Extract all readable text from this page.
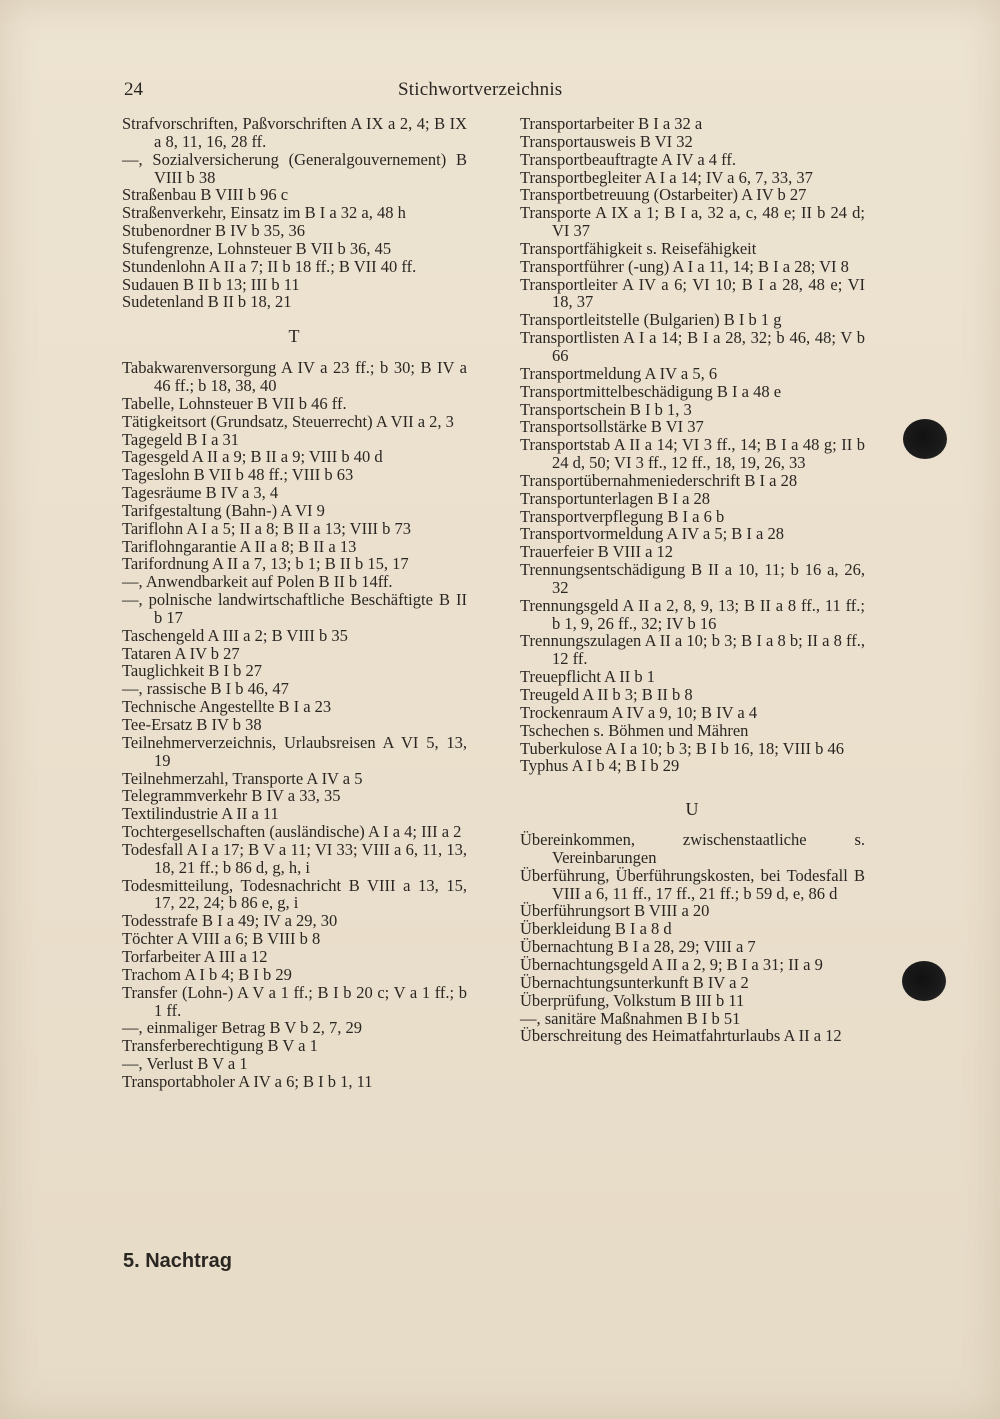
24	Stichwortverzeichnis
Strafvorschriften, Paßvorschriften A IX a 2, 4; B IX a 8, 11, 16, 28 ff.
—, Sozialversicherung (Generalgouvernement) B VIII b 38
Straßenbau B VIII b 96 c
Straßenverkehr, Einsatz im B I a 32 a, 48 h
Stubenordner B IV b 35, 36
Stufengrenze, Lohnsteuer B VII b 36, 45
Stundenlohn A II a 7; II b 18 ff.; B VII 40 ff.
Sudauen B II b 13; III b 11
Sudetenland B II b 18, 21
T
Tabakwarenversorgung A IV a 23 ff.; b 30; B IV a 46 ff.; b 18, 38, 40
Tabelle, Lohnsteuer B VII b 46 ff.
Tätigkeitsort (Grundsatz, Steuerrecht) A VII a 2, 3
Tagegeld B I a 31
Tagesgeld A II a 9; B II a 9; VIII b 40 d
Tageslohn B VII b 48 ff.; VIII b 63
Tagesräume B IV a 3, 4
Tarifgestaltung (Bahn-) A VI 9
Tariflohn A I a 5; II a 8; B II a 13; VIII b 73
Tariflohngarantie A II a 8; B II a 13
Tarifordnung A II a 7, 13; b 1; B II b 15, 17
—, Anwendbarkeit auf Polen B II b 14ff.
—, polnische landwirtschaftliche Beschäftigte B II b 17
Taschengeld A III a 2; B VIII b 35
Tataren A IV b 27
Tauglichkeit B I b 27
—, rassische B I b 46, 47
Technische Angestellte B I a 23
Tee-Ersatz B IV b 38
Teilnehmerverzeichnis, Urlaubsreisen A VI 5, 13, 19
Teilnehmerzahl, Transporte A IV a 5
Telegrammverkehr B IV a 33, 35
Textilindustrie A II a 11
Tochtergesellschaften (ausländische) A I a 4; III a 2
Todesfall A I a 17; B V a 11; VI 33; VIII a 6, 11, 13, 18, 21 ff.; b 86 d, g, h, i
Todesmitteilung, Todesnachricht B VIII a 13, 15, 17, 22, 24; b 86 e, g, i
Todesstrafe B I a 49; IV a 29, 30
Töchter A VIII a 6; B VIII b 8
Torfarbeiter A III a 12
Trachom A I b 4; B I b 29
Transfer (Lohn-) A V a 1 ff.; B I b 20 c; V a 1 ff.; b 1 ff.
—, einmaliger Betrag B V b 2, 7, 29
Transferberechtigung B V a 1
—, Verlust B V a 1
Transportabholer A IV a 6; B I b 1, 11
Transportarbeiter B I a 32 a
Transportausweis B VI 32
Transportbeauftragte A IV a 4 ff.
Transportbegleiter A I a 14; IV a 6, 7, 33, 37
Transportbetreuung (Ostarbeiter) A IV b 27
Transporte A IX a 1; B I a, 32 a, c, 48 e; II b 24 d; VI 37
Transportfähigkeit s. Reisefähigkeit
Transportführer (-ung) A I a 11, 14; B I a 28; VI 8
Transportleiter A IV a 6; VI 10; B I a 28, 48 e; VI 18, 37
Transportleitstelle (Bulgarien) B I b 1 g
Transportlisten A I a 14; B I a 28, 32; b 46, 48; V b 66
Transportmeldung A IV a 5, 6
Transportmittelbeschädigung B I a 48 e
Transportschein B I b 1, 3
Transportsollstärke B VI 37
Transportstab A II a 14; VI 3 ff., 14; B I a 48 g; II b 24 d, 50; VI 3 ff., 12 ff., 18, 19, 26, 33
Transportübernahmeniederschrift B I a 28
Transportunterlagen B I a 28
Transportverpflegung B I a 6 b
Transportvormeldung A IV a 5; B I a 28
Trauerfeier B VIII a 12
Trennungsentschädigung B II a 10, 11; b 16 a, 26, 32
Trennungsgeld A II a 2, 8, 9, 13; B II a 8 ff., 11 ff.; b 1, 9, 26 ff., 32; IV b 16
Trennungszulagen A II a 10; b 3; B I a 8 b; II a 8 ff., 12 ff.
Treuepflicht A II b 1
Treugeld A II b 3; B II b 8
Trockenraum A IV a 9, 10; B IV a 4
Tschechen s. Böhmen und Mähren
Tuberkulose A I a 10; b 3; B I b 16, 18; VIII b 46
Typhus A I b 4; B I b 29
U
Übereinkommen, zwischenstaatliche s. Vereinbarungen
Überführung, Überführungskosten, bei Todesfall B VIII a 6, 11 ff., 17 ff., 21 ff.; b 59 d, e, 86 d
Überführungsort B VIII a 20
Überkleidung B I a 8 d
Übernachtung B I a 28, 29; VIII a 7
Übernachtungsgeld A II a 2, 9; B I a 31; II a 9
Übernachtungsunterkunft B IV a 2
Überprüfung, Volkstum B III b 11
—, sanitäre Maßnahmen B I b 51
Überschreitung des Heimatfahrturlaubs A II a 12
5. Nachtrag
